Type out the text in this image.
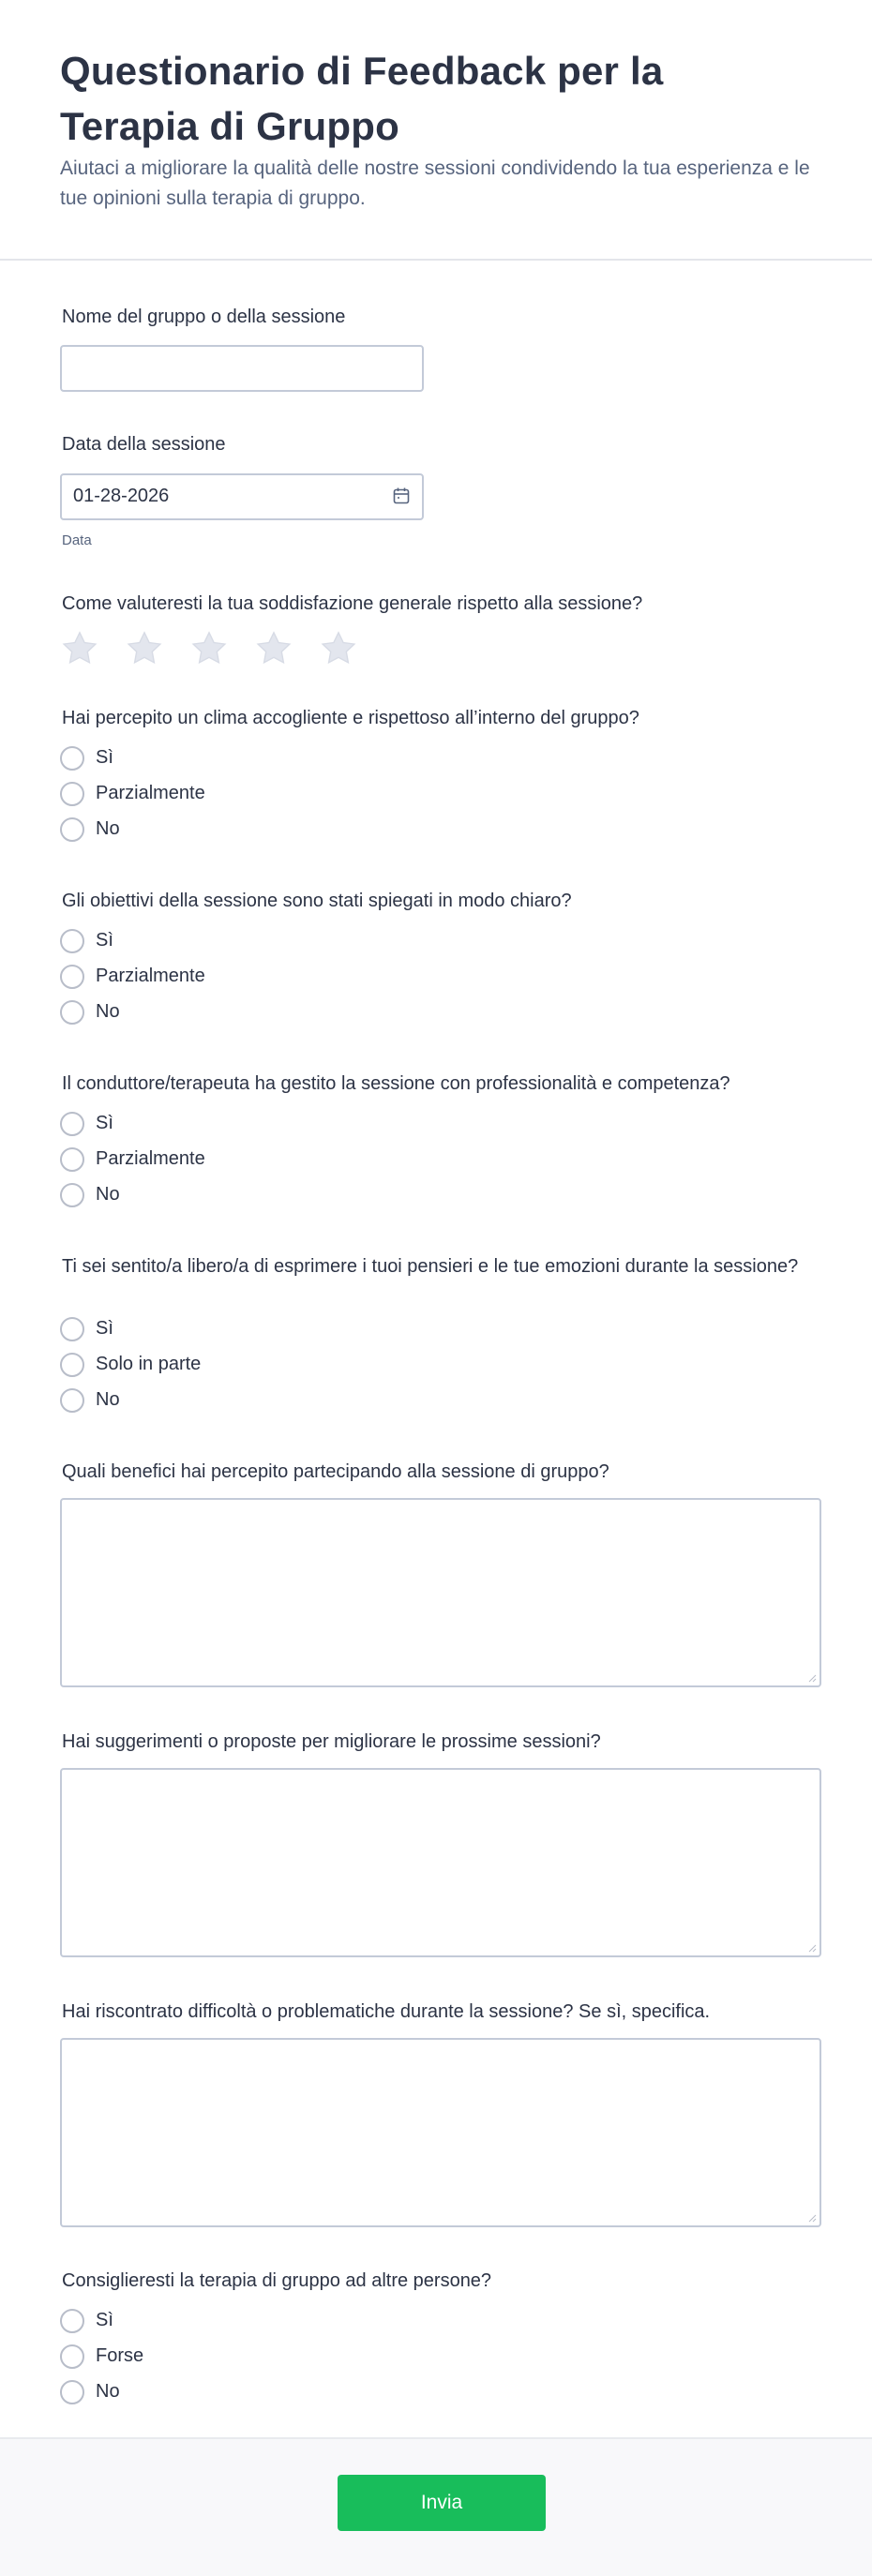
Questionario di Feedback per la Terapia di Gruppo

Aiutaci a migliorare la qualità delle nostre sessioni condividendo la tua esperienza e le tue opinioni sulla terapia di gruppo.

Nome del gruppo o della sessione
Data della sessione
01-28-2026
Data
Come valuteresti la tua soddisfazione generale rispetto alla sessione?
Hai percepito un clima accogliente e rispettoso all’interno del gruppo?
Sì
Parzialmente
No
Gli obiettivi della sessione sono stati spiegati in modo chiaro?
Sì
Parzialmente
No
Il conduttore/terapeuta ha gestito la sessione con professionalità e competenza?
Sì
Parzialmente
No
Ti sei sentito/a libero/a di esprimere i tuoi pensieri e le tue emozioni durante la sessione?
Sì
Solo in parte
No
Quali benefici hai percepito partecipando alla sessione di gruppo?
Hai suggerimenti o proposte per migliorare le prossime sessioni?
Hai riscontrato difficoltà o problematiche durante la sessione? Se sì, specifica.
Consiglieresti la terapia di gruppo ad altre persone?
Sì
Forse
No
Invia
